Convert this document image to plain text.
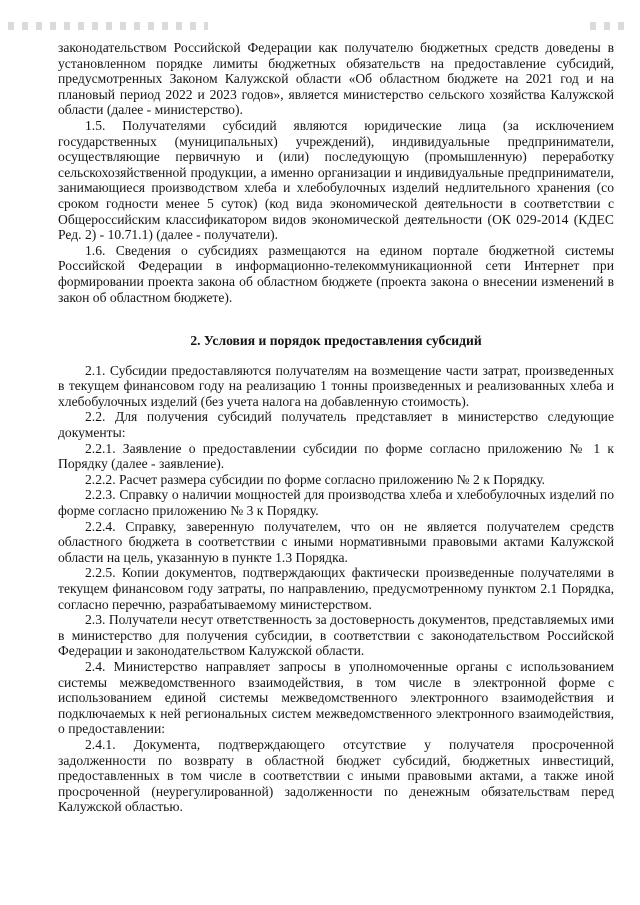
законодательством Российской Федерации как получателю бюджетных средств доведены в установленном порядке лимиты бюджетных обязательств на предоставление субсидий, предусмотренных Законом Калужской области «Об областном бюджете на 2021 год и на плановый период 2022 и 2023 годов», является министерство сельского хозяйства Калужской области (далее - министерство).

1.5. Получателями субсидий являются юридические лица (за исключением государственных (муниципальных) учреждений), индивидуальные предприниматели, осуществляющие первичную и (или) последующую (промышленную) переработку сельскохозяйственной продукции, а именно организации и индивидуальные предприниматели, занимающиеся производством хлеба и хлебобулочных изделий недлительного хранения (со сроком годности менее 5 суток) (код вида экономической деятельности в соответствии с Общероссийским классификатором видов экономической деятельности (ОК 029-2014 (КДЕС Ред. 2) - 10.71.1) (далее - получатели).

1.6. Сведения о субсидиях размещаются на едином портале бюджетной системы Российской Федерации в информационно-телекоммуникационной сети Интернет при формировании проекта закона об областном бюджете (проекта закона о внесении изменений в закон об областном бюджете).

2. Условия и порядок предоставления субсидий

2.1. Субсидии предоставляются получателям на возмещение части затрат, произведенных в текущем финансовом году на реализацию 1 тонны произведенных и реализованных хлеба и хлебобулочных изделий (без учета налога на добавленную стоимость).

2.2. Для получения субсидий получатель представляет в министерство следующие документы:

2.2.1. Заявление о предоставлении субсидии по форме согласно приложению № 1 к Порядку (далее - заявление).

2.2.2. Расчет размера субсидии по форме согласно приложению № 2 к Порядку.

2.2.3. Справку о наличии мощностей для производства хлеба и хлебобулочных изделий по форме согласно приложению № 3 к Порядку.

2.2.4. Справку, заверенную получателем, что он не является получателем средств областного бюджета в соответствии с иными нормативными правовыми актами Калужской области на цель, указанную в пункте 1.3 Порядка.

2.2.5. Копии документов, подтверждающих фактически произведенные получателями в текущем финансовом году затраты, по направлению, предусмотренному пунктом 2.1 Порядка, согласно перечню, разрабатываемому министерством.

2.3. Получатели несут ответственность за достоверность документов, представляемых ими в министерство для получения субсидии, в соответствии с законодательством Российской Федерации и законодательством Калужской области.

2.4. Министерство направляет запросы в уполномоченные органы с использованием системы межведомственного взаимодействия, в том числе в электронной форме с использованием единой системы межведомственного электронного взаимодействия и подключаемых к ней региональных систем межведомственного электронного взаимодействия, о предоставлении:

2.4.1. Документа, подтверждающего отсутствие у получателя просроченной задолженности по возврату в областной бюджет субсидий, бюджетных инвестиций, предоставленных в том числе в соответствии с иными правовыми актами, а также иной просроченной (неурегулированной) задолженности по денежным обязательствам перед Калужской областью.
